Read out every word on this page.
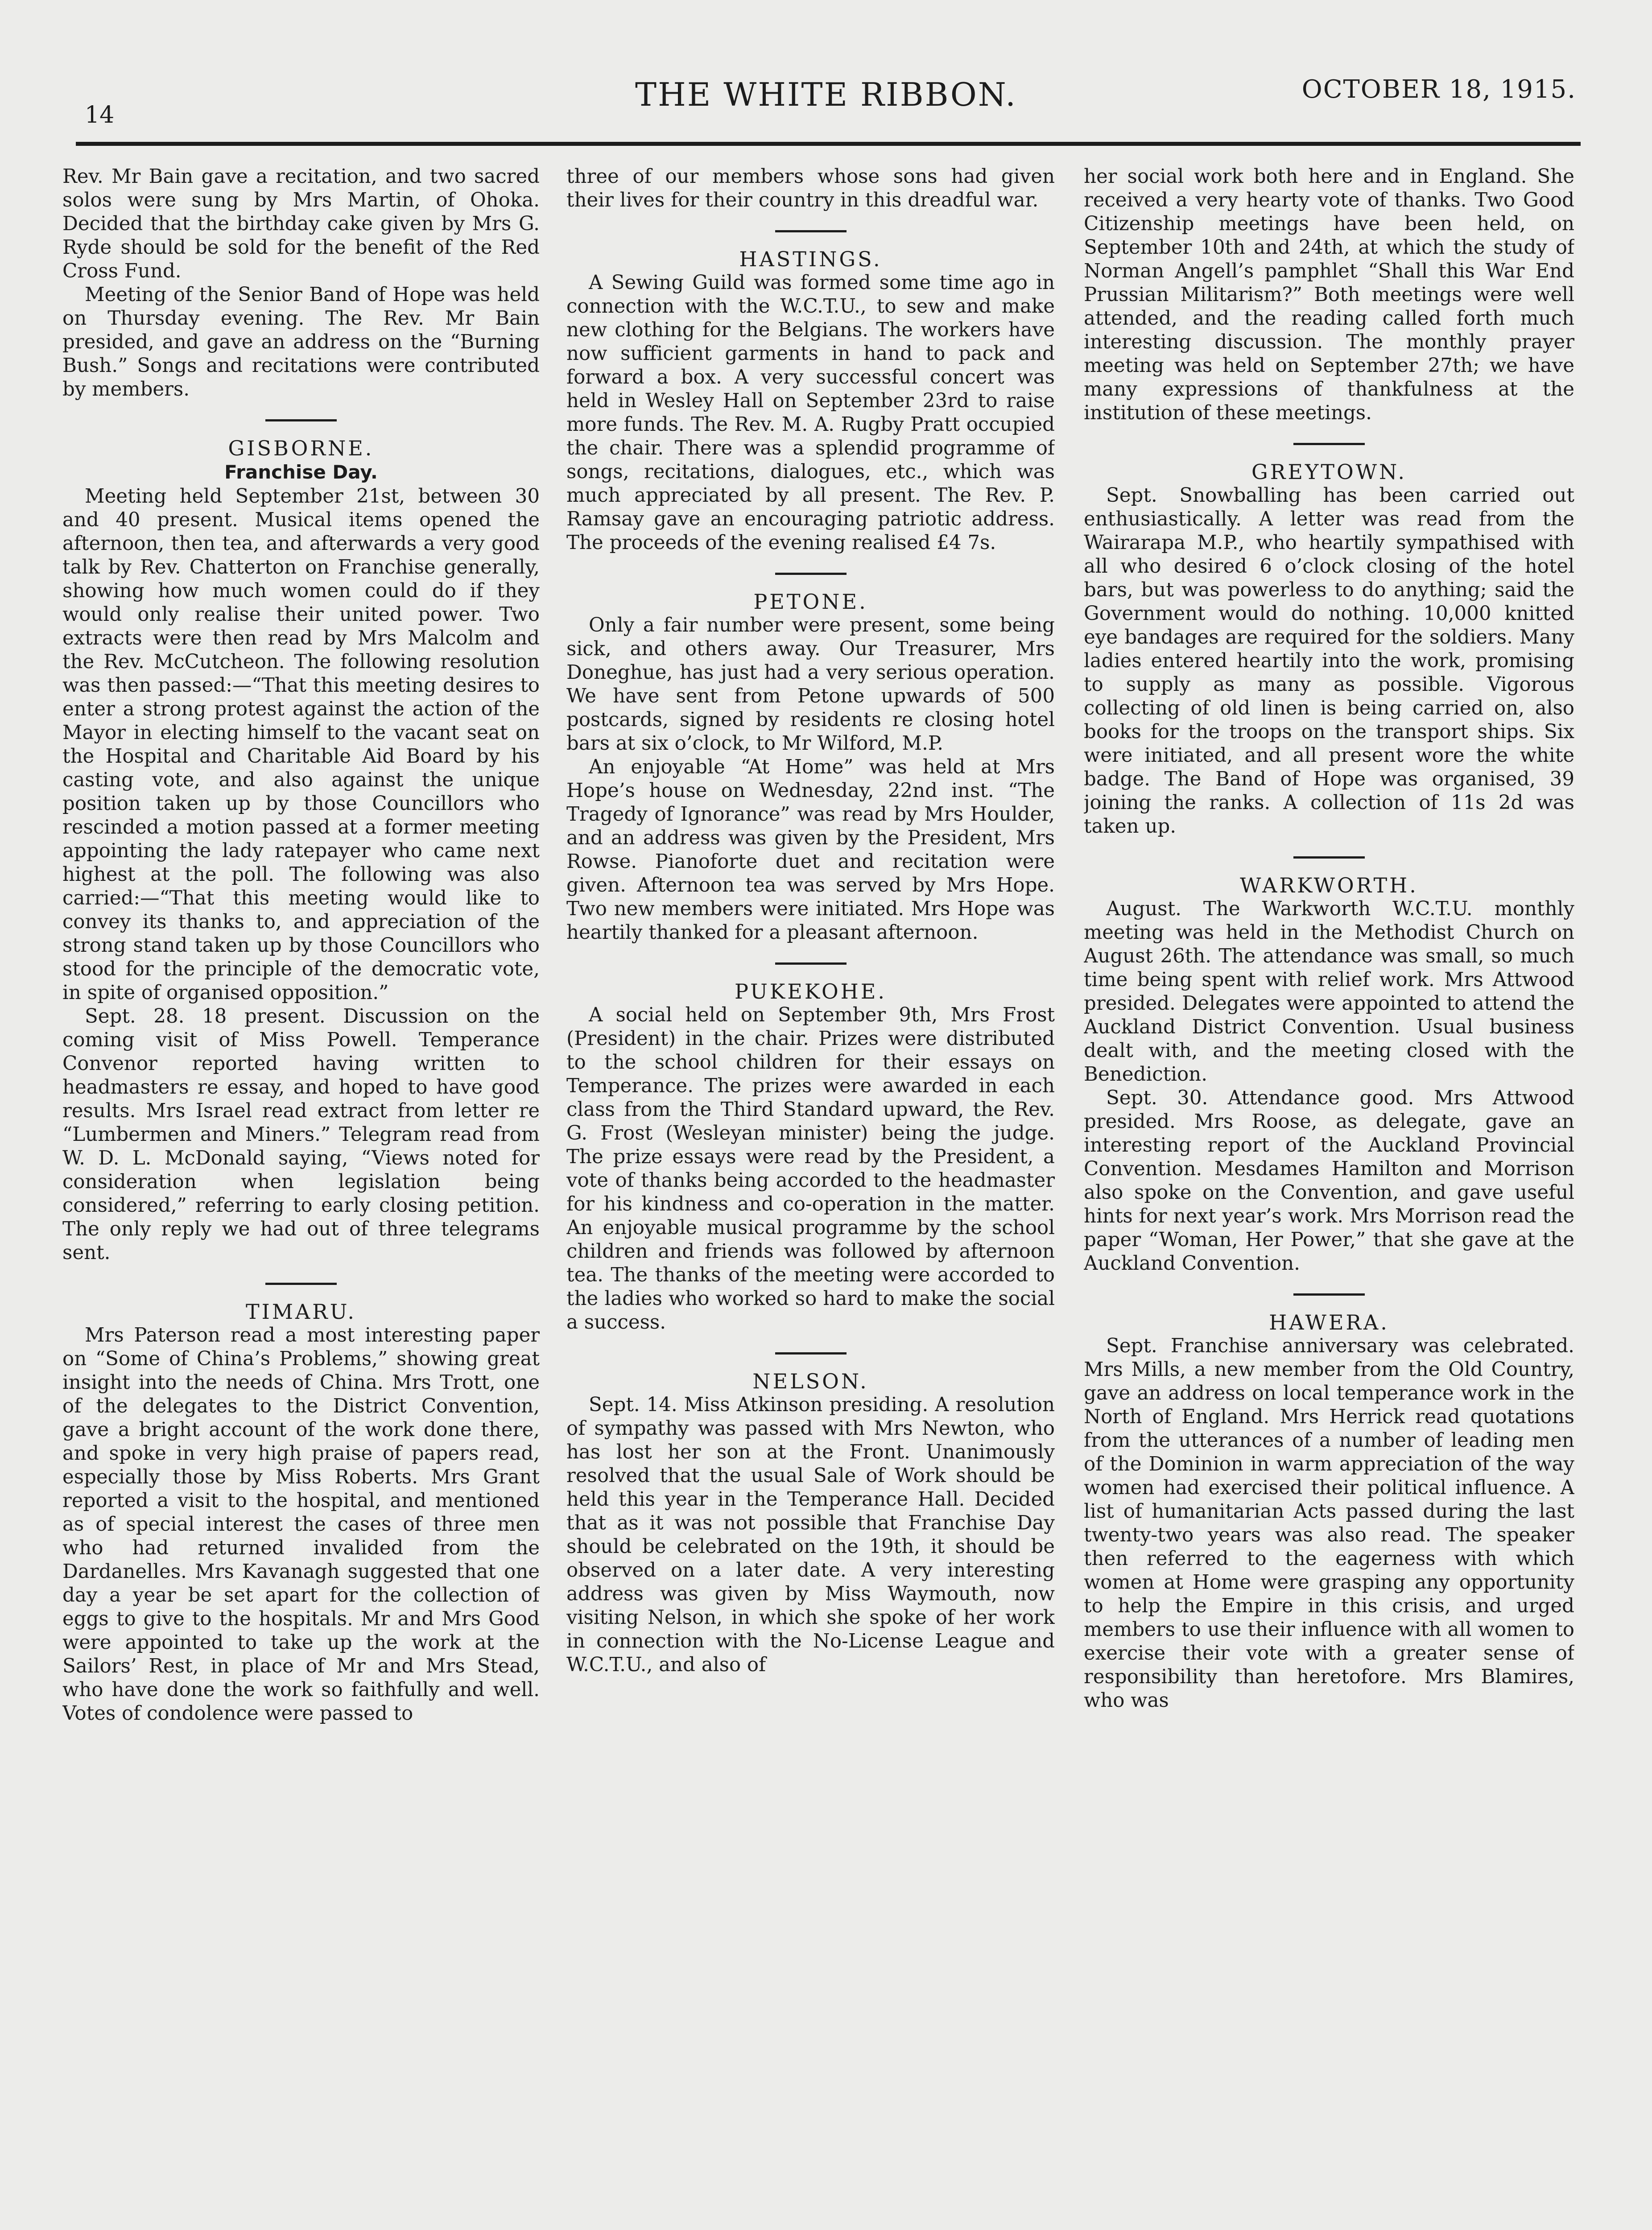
14
THE WHITE RIBBON.	OCTOBER 18, 1915.

Rev. Mr Bain gave a recitation, and two sacred solos were sung by Mrs Martin, of Ohoka. Decided that the birthday cake given by Mrs G. Ryde should be sold for the benefit of the Red Cross Fund.

Meeting of the Senior Band of Hope was held on Thursday evening. The Rev. Mr Bain presided, and gave an address on the “Burning Bush.” Songs and recitations were contributed by members.

GISBORNE.
Franchise Day.

Meeting held September 21st, between 30 and 40 present. Musical items opened the afternoon, then tea, and afterwards a very good talk by Rev. Chatterton on Franchise generally, showing how much women could do if they would only realise their united power. Two extracts were then read by Mrs Malcolm and the Rev. McCutcheon. The following resolution was then passed:—“That this meeting desires to enter a strong protest against the action of the Mayor in electing himself to the vacant seat on the Hospital and Charitable Aid Board by his casting vote, and also against the unique position taken up by those Councillors who rescinded a motion passed at a former meeting appointing the lady ratepayer who came next highest at the poll. The following was also carried:—“That this meeting would like to convey its thanks to, and appreciation of the strong stand taken up by those Councillors who stood for the principle of the democratic vote, in spite of organised opposition.”

Sept. 28. 18 present. Discussion on the coming visit of Miss Powell. Temperance Convenor reported having written to headmasters re essay, and hoped to have good results. Mrs Israel read extract from letter re “Lumbermen and Miners.” Telegram read from W. D. L. McDonald saying, “Views noted for consideration when legislation being considered,” referring to early closing petition. The only reply we had out of three telegrams sent.

TIMARU.

Mrs Paterson read a most interesting paper on “Some of China’s Problems,” showing great insight into the needs of China. Mrs Trott, one of the delegates to the District Convention, gave a bright account of the work done there, and spoke in very high praise of papers read, especially those by Miss Roberts. Mrs Grant reported a visit to the hospital, and mentioned as of special interest the cases of three men who had returned invalided from the Dardanelles. Mrs Kavanagh suggested that one day a year be set apart for the collection of eggs to give to the hospitals. Mr and Mrs Good were appointed to take up the work at the Sailors’ Rest, in place of Mr and Mrs Stead, who have done the work so faithfully and well. Votes of condolence were passed to

three of our members whose sons had given their lives for their country in this dreadful war.

HASTINGS.

A Sewing Guild was formed some time ago in connection with the W.C.T.U., to sew and make new clothing for the Belgians. The workers have now sufficient garments in hand to pack and forward a box. A very successful concert was held in Wesley Hall on September 23rd to raise more funds. The Rev. M. A. Rugby Pratt occupied the chair. There was a splendid programme of songs, recitations, dialogues, etc., which was much appreciated by all present. The Rev. P. Ramsay gave an encouraging patriotic address. The proceeds of the evening realised £4 7s.

PETONE.

Only a fair number were present, some being sick, and others away. Our Treasurer, Mrs Doneghue, has just had a very serious operation. We have sent from Petone upwards of 500 postcards, signed by residents re closing hotel bars at six o’clock, to Mr Wilford, M.P.

An enjoyable “At Home” was held at Mrs Hope’s house on Wednesday, 22nd inst. “The Tragedy of Ignorance” was read by Mrs Houlder, and an address was given by the President, Mrs Rowse. Pianoforte duet and recitation were given. Afternoon tea was served by Mrs Hope. Two new members were initiated. Mrs Hope was heartily thanked for a pleasant afternoon.

PUKEKOHE.

A social held on September 9th, Mrs Frost (President) in the chair. Prizes were distributed to the school children for their essays on Temperance. The prizes were awarded in each class from the Third Standard upward, the Rev. G. Frost (Wesleyan minister) being the judge. The prize essays were read by the President, a vote of thanks being accorded to the headmaster for his kindness and co-operation in the matter. An enjoyable musical programme by the school children and friends was followed by afternoon tea. The thanks of the meeting were accorded to the ladies who worked so hard to make the social a success.

NELSON.

Sept. 14. Miss Atkinson presiding. A resolution of sympathy was passed with Mrs Newton, who has lost her son at the Front. Unanimously resolved that the usual Sale of Work should be held this year in the Temperance Hall. Decided that as it was not possible that Franchise Day should be celebrated on the 19th, it should be observed on a later date. A very interesting address was given by Miss Waymouth, now visiting Nelson, in which she spoke of her work in connection with the No-License League and W.C.T.U., and also of

her social work both here and in England. She received a very hearty vote of thanks. Two Good Citizenship meetings have been held, on September 10th and 24th, at which the study of Norman Angell’s pamphlet “Shall this War End Prussian Militarism?” Both meetings were well attended, and the reading called forth much interesting discussion. The monthly prayer meeting was held on September 27th; we have many expressions of thankfulness at the institution of these meetings.

GREYTOWN.

Sept. Snowballing has been carried out enthusiastically. A letter was read from the Wairarapa M.P., who heartily sympathised with all who desired 6 o’clock closing of the hotel bars, but was powerless to do anything; said the Government would do nothing. 10,000 knitted eye bandages are required for the soldiers. Many ladies entered heartily into the work, promising to supply as many as possible. Vigorous collecting of old linen is being carried on, also books for the troops on the transport ships. Six were initiated, and all present wore the white badge. The Band of Hope was organised, 39 joining the ranks. A collection of 11s 2d was taken up.

WARKWORTH.

August. The Warkworth W.C.T.U. monthly meeting was held in the Methodist Church on August 26th. The attendance was small, so much time being spent with relief work. Mrs Attwood presided. Delegates were appointed to attend the Auckland District Convention. Usual business dealt with, and the meeting closed with the Benediction.

Sept. 30. Attendance good. Mrs Attwood presided. Mrs Roose, as delegate, gave an interesting report of the Auckland Provincial Convention. Mesdames Hamilton and Morrison also spoke on the Convention, and gave useful hints for next year’s work. Mrs Morrison read the paper “Woman, Her Power,” that she gave at the Auckland Convention.

HAWERA.

Sept. Franchise anniversary was celebrated. Mrs Mills, a new member from the Old Country, gave an address on local temperance work in the North of England. Mrs Herrick read quotations from the utterances of a number of leading men of the Dominion in warm appreciation of the way women had exercised their political influence. A list of humanitarian Acts passed during the last twenty-two years was also read. The speaker then referred to the eagerness with which women at Home were grasping any opportunity to help the Empire in this crisis, and urged members to use their influence with all women to exercise their vote with a greater sense of responsibility than heretofore. Mrs Blamires, who was
